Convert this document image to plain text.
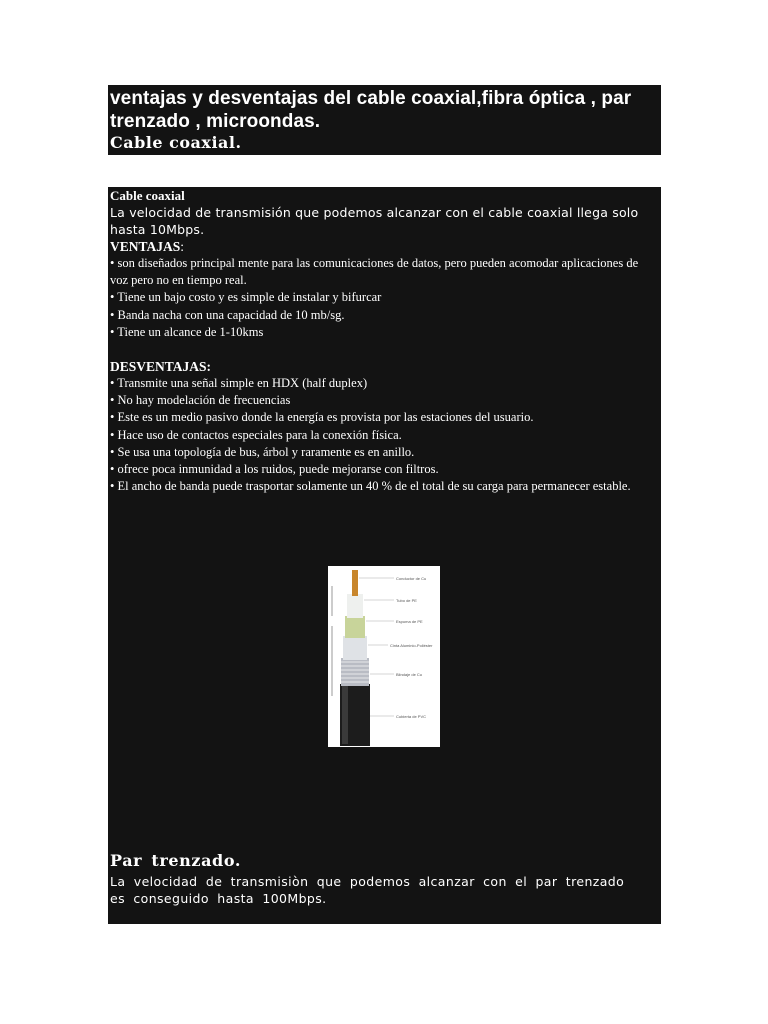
ventajas y desventajas del cable coaxial,fibra óptica , par trenzado , microondas.

Cable coaxial.

Cable coaxial

La velocidad de transmisión que podemos alcanzar con el cable coaxial llega solo hasta 10Mbps.

VENTAJAS:

• son diseñados principal mente para las comunicaciones de datos, pero pueden acomodar aplicaciones de voz pero no en tiempo real.
• Tiene un bajo costo y es simple de instalar y bifurcar
• Banda nacha con una capacidad de 10 mb/sg.
• Tiene un alcance de 1-10kms

DESVENTAJAS:

• Transmite una señal simple en HDX (half duplex)
• No hay modelación de frecuencias
• Este es un medio pasivo donde la energía es provista por las estaciones del usuario.
• Hace uso de contactos especiales para la conexión física.
• Se usa una topología de bus, árbol y raramente es en anillo.
• ofrece poca inmunidad a los ruidos, puede mejorarse con filtros.
• El ancho de banda puede trasportar solamente un 40 % de el total de su carga para permanecer estable.
Conductor de Cu
Tubo de PE
Espuma de PE
Cinta Aluminio-Poliéster
Blindaje de Cu
Cubierta de PVC

Par trenzado.

La velocidad de transmisiòn que podemos alcanzar con el par trenzado es conseguido hasta 100Mbps.
